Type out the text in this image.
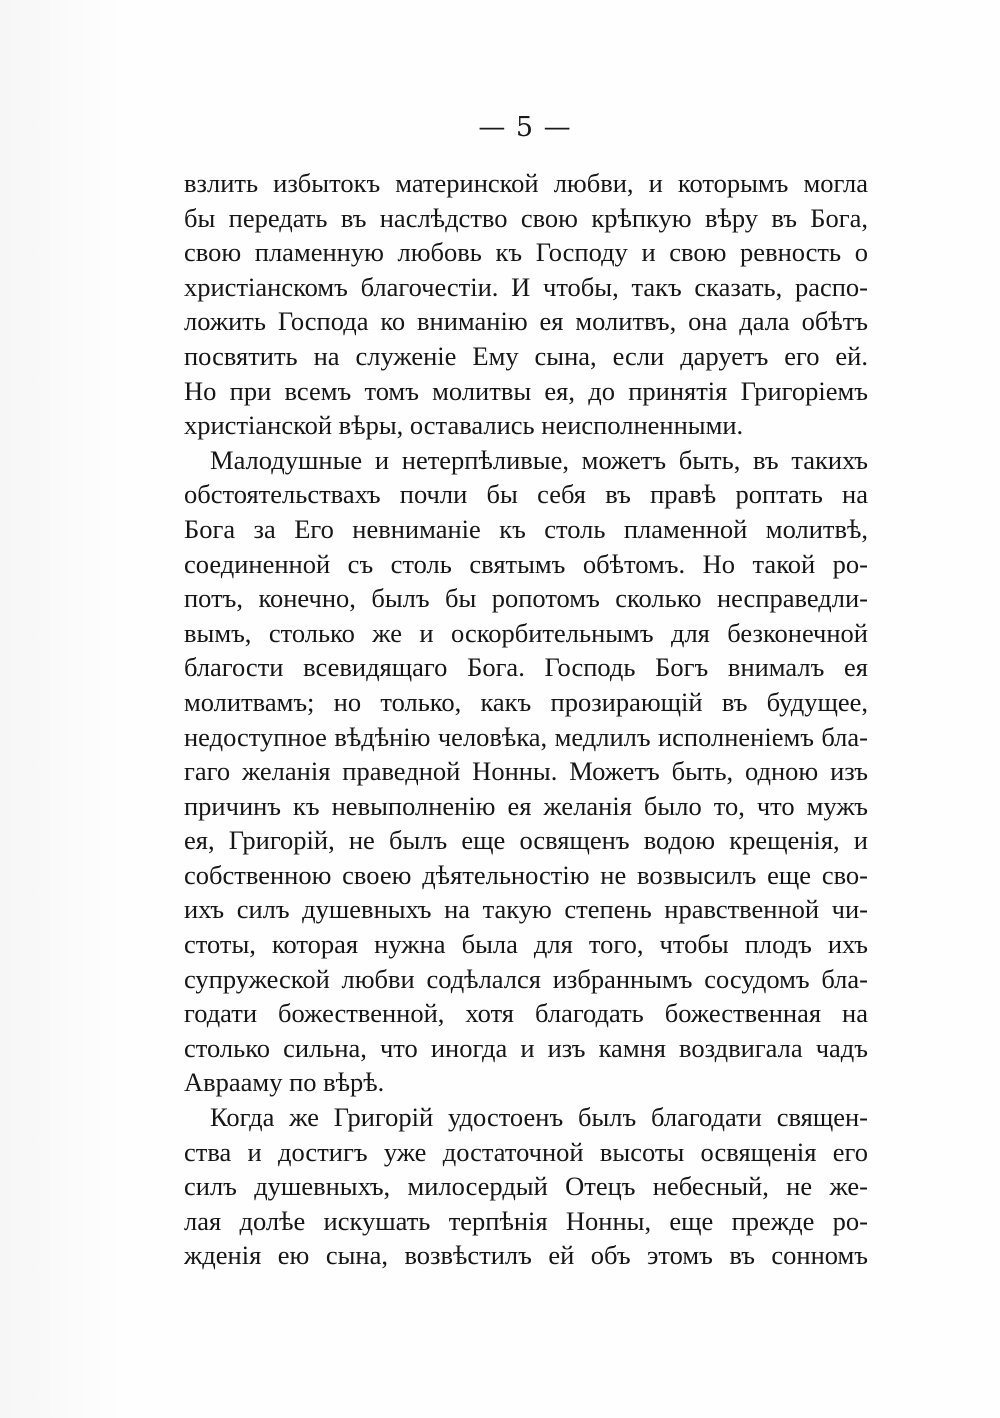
— 5 —

взлить избытокъ материнской любви, и которымъ могла
бы передать въ наслѣдство свою крѣпкую вѣру въ Бога,
свою пламенную любовь къ Господу и свою ревность о
христіанскомъ благочестіи. И чтобы, такъ сказать, распо-
ложить Господа ко вниманію ея молитвъ, она дала обѣтъ
посвятить на служеніе Ему сына, если даруетъ его ей.
Но при всемъ томъ молитвы ея, до принятія Григоріемъ
христіанской вѣры, оставались неисполненными.

Малодушные и нетерпѣливые, можетъ быть, въ такихъ
обстоятельствахъ почли бы себя въ правѣ роптать на
Бога за Его невниманіе къ столь пламенной молитвѣ,
соединенной съ столь святымъ обѣтомъ. Но такой ро-
потъ, конечно, былъ бы ропотомъ сколько несправедли-
вымъ, столько же и оскорбительнымъ для безконечной
благости всевидящаго Бога. Господь Богъ внималъ ея
молитвамъ; но только, какъ прозирающій въ будущее,
недоступное вѣдѣнію человѣка, медлилъ исполненіемъ бла-
гаго желанія праведной Нонны. Можетъ быть, одною изъ
причинъ къ невыполненію ея желанія было то, что мужъ
ея, Григорій, не былъ еще освященъ водою крещенія, и
собственною своею дѣятельностію не возвысилъ еще сво-
ихъ силъ душевныхъ на такую степень нравственной чи-
стоты, которая нужна была для того, чтобы плодъ ихъ
супружеской любви содѣлался избраннымъ сосудомъ бла-
годати божественной, хотя благодать божественная на
столько сильна, что иногда и изъ камня воздвигала чадъ
Аврааму по вѣрѣ.

Когда же Григорій удостоенъ былъ благодати священ-
ства и достигъ уже достаточной высоты освященія его
силъ душевныхъ, милосердый Отецъ небесный, не же-
лая долѣе искушать терпѣнія Нонны, еще прежде ро-
жденія ею сына, возвѣстилъ ей объ этомъ въ сонномъ
